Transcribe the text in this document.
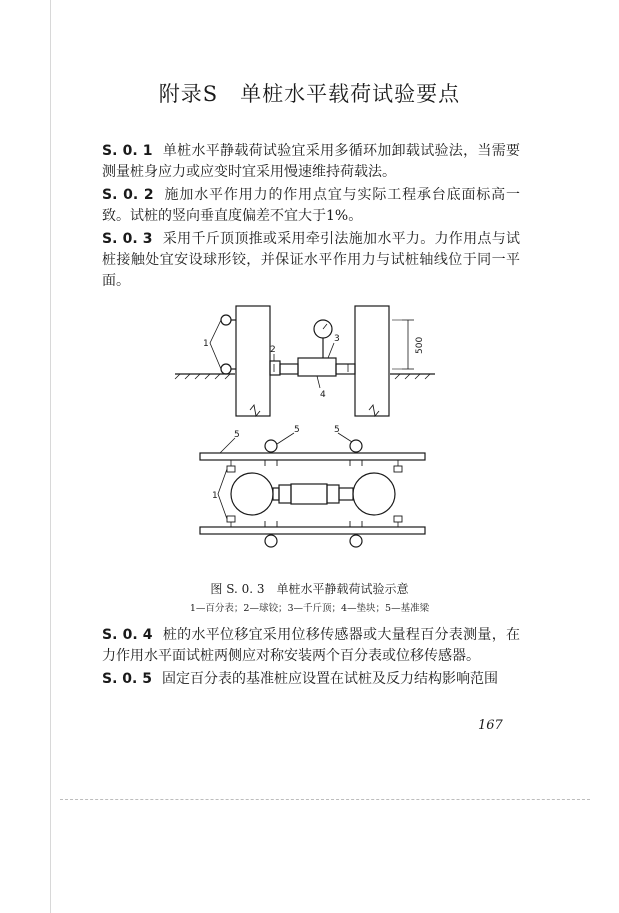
附录S　单桩水平载荷试验要点
S. 0. 1 单桩水平静载荷试验宜采用多循环加卸载试验法，当需要测量桩身应力或应变时宜采用慢速维持荷载法。
S. 0. 2 施加水平作用力的作用点宜与实际工程承台底面标高一致。试桩的竖向垂直度偏差不宜大于1%。
S. 0. 3 采用千斤顶顶推或采用牵引法施加水平力。力作用点与试桩接触处宜安设球形铰，并保证水平作用力与试桩轴线位于同一平面。
1
2
3
4
1
5	5	5
500
图 S. 0. 3　单桩水平静载荷试验示意
1—百分表；2—球铰；3—千斤顶；4—垫块；5—基准梁
S. 0. 4 桩的水平位移宜采用位移传感器或大量程百分表测量，在力作用水平面试桩两侧应对称安装两个百分表或位移传感器。
S. 0. 5 固定百分表的基准桩应设置在试桩及反力结构影响范围
167
